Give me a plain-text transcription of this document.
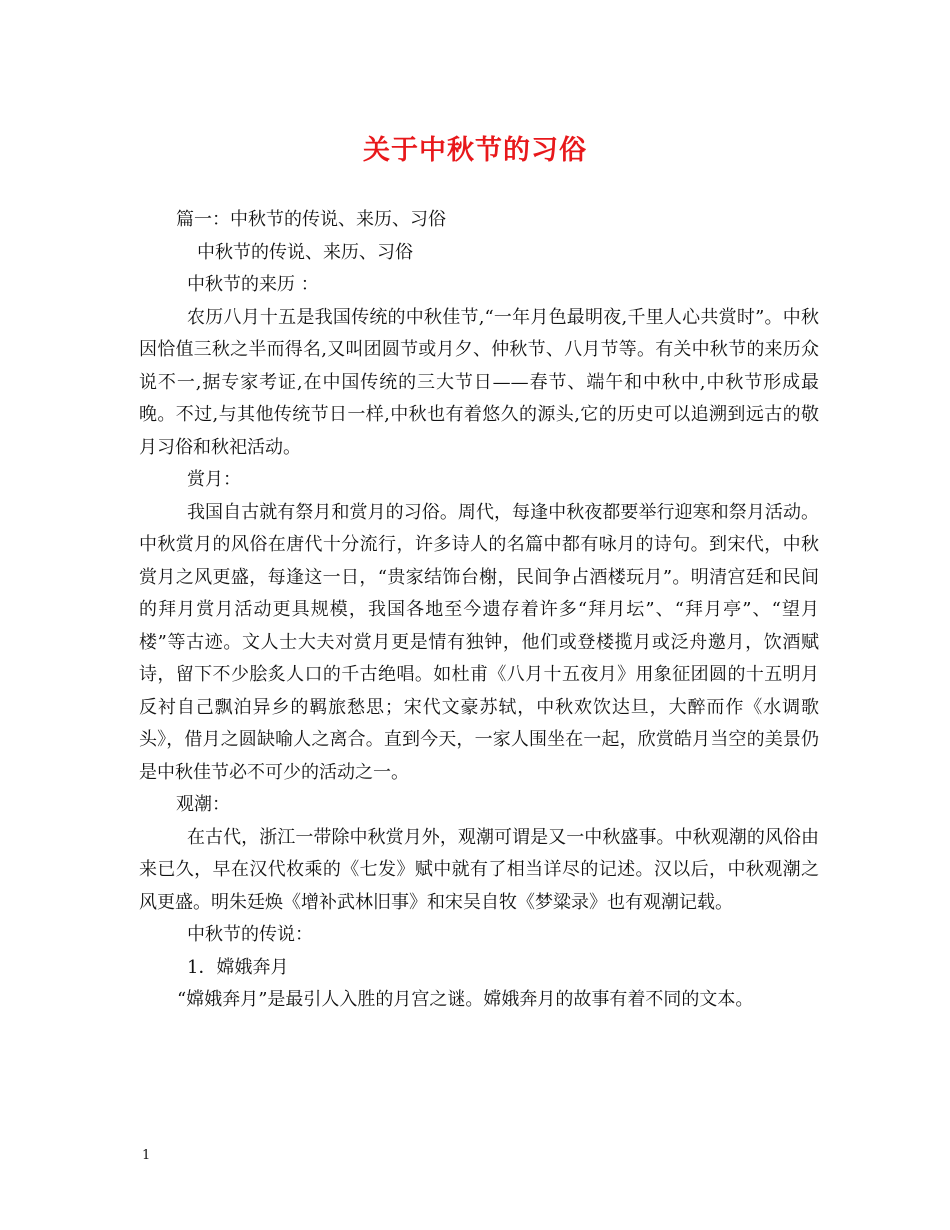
关于中秋节的习俗

篇一：中秋节的传说、来历、习俗

中秋节的传说、来历、习俗

中秋节的来历 ：

农历八月十五是我国传统的中秋佳节,“一年月色最明夜,千里人心共赏时”。中秋因恰值三秋之半而得名,又叫团圆节或月夕、仲秋节、八月节等。有关中秋节的来历众说不一,据专家考证,在中国传统的三大节日——春节、端午和中秋中,中秋节形成最晚。不过,与其他传统节日一样,中秋也有着悠久的源头,它的历史可以追溯到远古的敬月习俗和秋祀活动。

赏月：

我国自古就有祭月和赏月的习俗。周代，每逢中秋夜都要举行迎寒和祭月活动。中秋赏月的风俗在唐代十分流行，许多诗人的名篇中都有咏月的诗句。到宋代，中秋赏月之风更盛，每逢这一日，“贵家结饰台榭，民间争占酒楼玩月”。明清宫廷和民间的拜月赏月活动更具规模，我国各地至今遗存着许多“拜月坛”、“拜月亭”、“望月楼”等古迹。文人士大夫对赏月更是情有独钟，他们或登楼揽月或泛舟邀月，饮酒赋诗，留下不少脍炙人口的千古绝唱。如杜甫《八月十五夜月》用象征团圆的十五明月反衬自己飘泊异乡的羁旅愁思；宋代文豪苏轼，中秋欢饮达旦，大醉而作《水调歌头》，借月之圆缺喻人之离合。直到今天，一家人围坐在一起，欣赏皓月当空的美景仍是中秋佳节必不可少的活动之一。

观潮：

在古代，浙江一带除中秋赏月外，观潮可谓是又一中秋盛事。中秋观潮的风俗由来已久，早在汉代枚乘的《七发》赋中就有了相当详尽的记述。汉以后，中秋观潮之风更盛。明朱廷焕《增补武林旧事》和宋吴自牧《梦粱录》也有观潮记载。

中秋节的传说：

1．嫦娥奔月

“嫦娥奔月”是最引人入胜的月宫之谜。嫦娥奔月的故事有着不同的文本。

1
